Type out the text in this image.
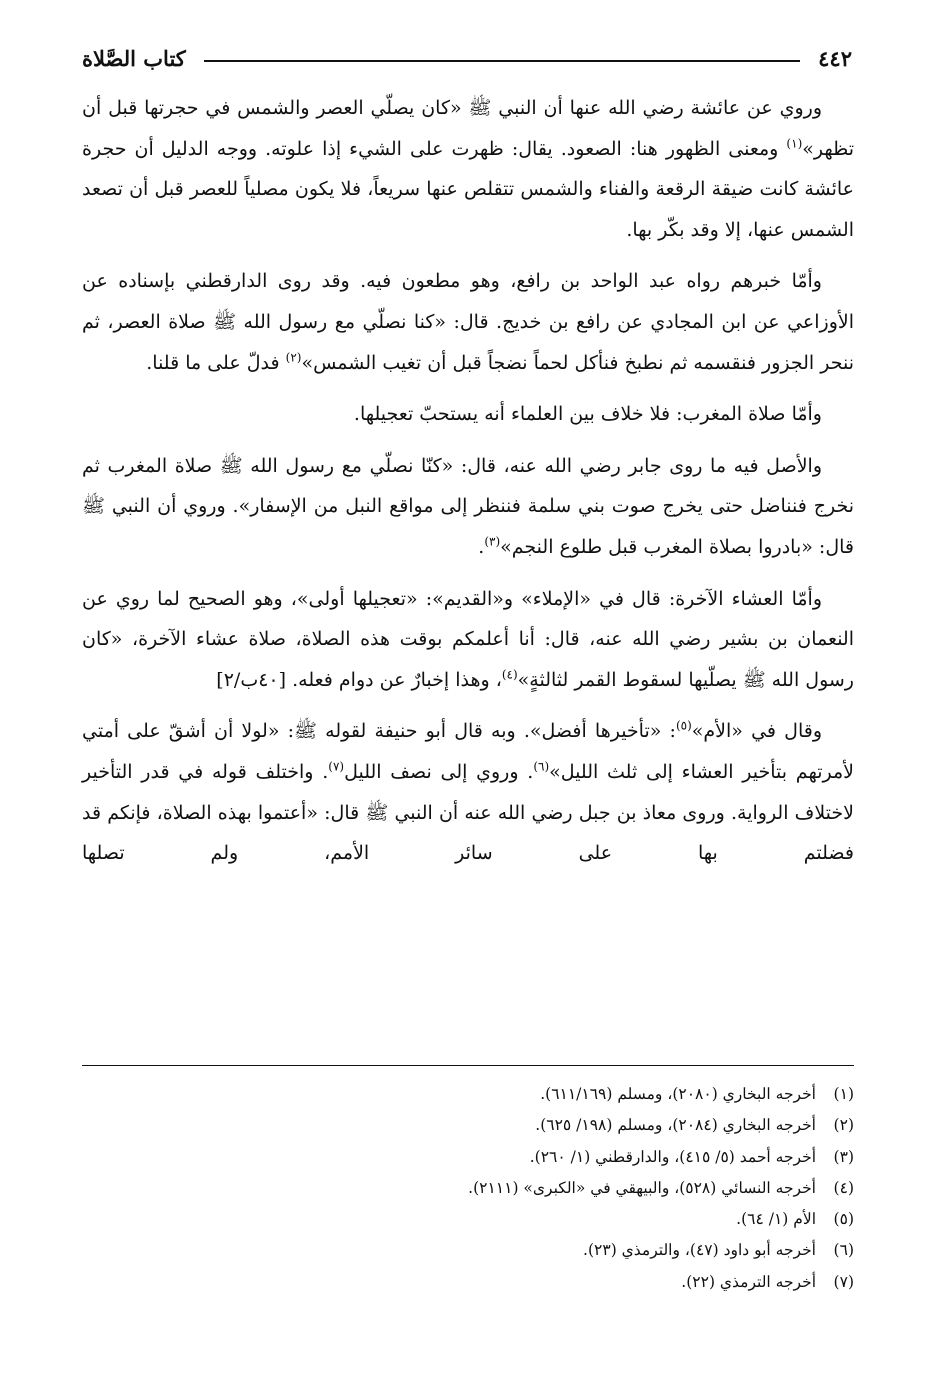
٤٤٢
كتاب الصَّلاة

وروي عن عائشة رضي الله عنها أن النبي ﷺ «كان يصلّي العصر والشمس في حجرتها قبل أن تظهر»$^{(١)}$ ومعنى الظهور هنا: الصعود. يقال: ظهرت على الشيء إذا علوته. ووجه الدليل أن حجرة عائشة كانت ضيقة الرقعة والفناء والشمس تتقلص عنها سريعاً، فلا يكون مصلياً للعصر قبل أن تصعد الشمس عنها، إلا وقد بكّر بها.

وأمّا خبرهم رواه عبد الواحد بن رافع، وهو مطعون فيه. وقد روى الدارقطني بإسناده عن الأوزاعي عن ابن المجادي عن رافع بن خديج. قال: «كنا نصلّي مع رسول الله ﷺ صلاة العصر، ثم ننحر الجزور فنقسمه ثم نطبخ فنأكل لحماً نضجاً قبل أن تغيب الشمس»$^{(٢)}$ فدلّ على ما قلنا.

وأمّا صلاة المغرب: فلا خلاف بين العلماء أنه يستحبّ تعجيلها.

والأصل فيه ما روى جابر رضي الله عنه، قال: «كنّا نصلّي مع رسول الله ﷺ صلاة المغرب ثم نخرج فنناضل حتى يخرج صوت بني سلمة فننظر إلى مواقع النبل من الإسفار». وروي أن النبي ﷺ قال: «بادروا بصلاة المغرب قبل طلوع النجم»$^{(٣)}$.

وأمّا العشاء الآخرة: قال في «الإملاء» و«القديم»: «تعجيلها أولى»، وهو الصحيح لما روي عن النعمان بن بشير رضي الله عنه، قال: أنا أعلمكم بوقت هذه الصلاة، صلاة عشاء الآخرة، «كان رسول الله ﷺ يصلّيها لسقوط القمر لثالثةٍ»$^{(٤)}$، وهذا إخبارٌ عن دوام فعله. [٤٠ب/٢]

وقال في «الأم»$^{(٥)}$: «تأخيرها أفضل». وبه قال أبو حنيفة لقوله ﷺ: «لولا أن أشقّ على أمتي لأمرتهم بتأخير العشاء إلى ثلث الليل»$^{(٦)}$. وروي إلى نصف الليل$^{(٧)}$. واختلف قوله في قدر التأخير لاختلاف الرواية. وروى معاذ بن جبل رضي الله عنه أن النبي ﷺ قال: «أعتموا بهذه الصلاة، فإنكم قد فضلتم بها على سائر الأمم، ولم تصلها

(١)
أخرجه البخاري (٢٠٨٠)، ومسلم (٦١١/١٦٩).
(٢)
أخرجه البخاري (٢٠٨٤)، ومسلم (١٩٨/ ٦٢٥).
(٣)
أخرجه أحمد (٥/ ٤١٥)، والدارقطني (١/ ٢٦٠).
(٤)
أخرجه النسائي (٥٢٨)، والبيهقي في «الكبرى» (٢١١١).
(٥)
الأم (١/ ٦٤).
(٦)
أخرجه أبو داود (٤٧)، والترمذي (٢٣).
(٧)
أخرجه الترمذي (٢٢).
